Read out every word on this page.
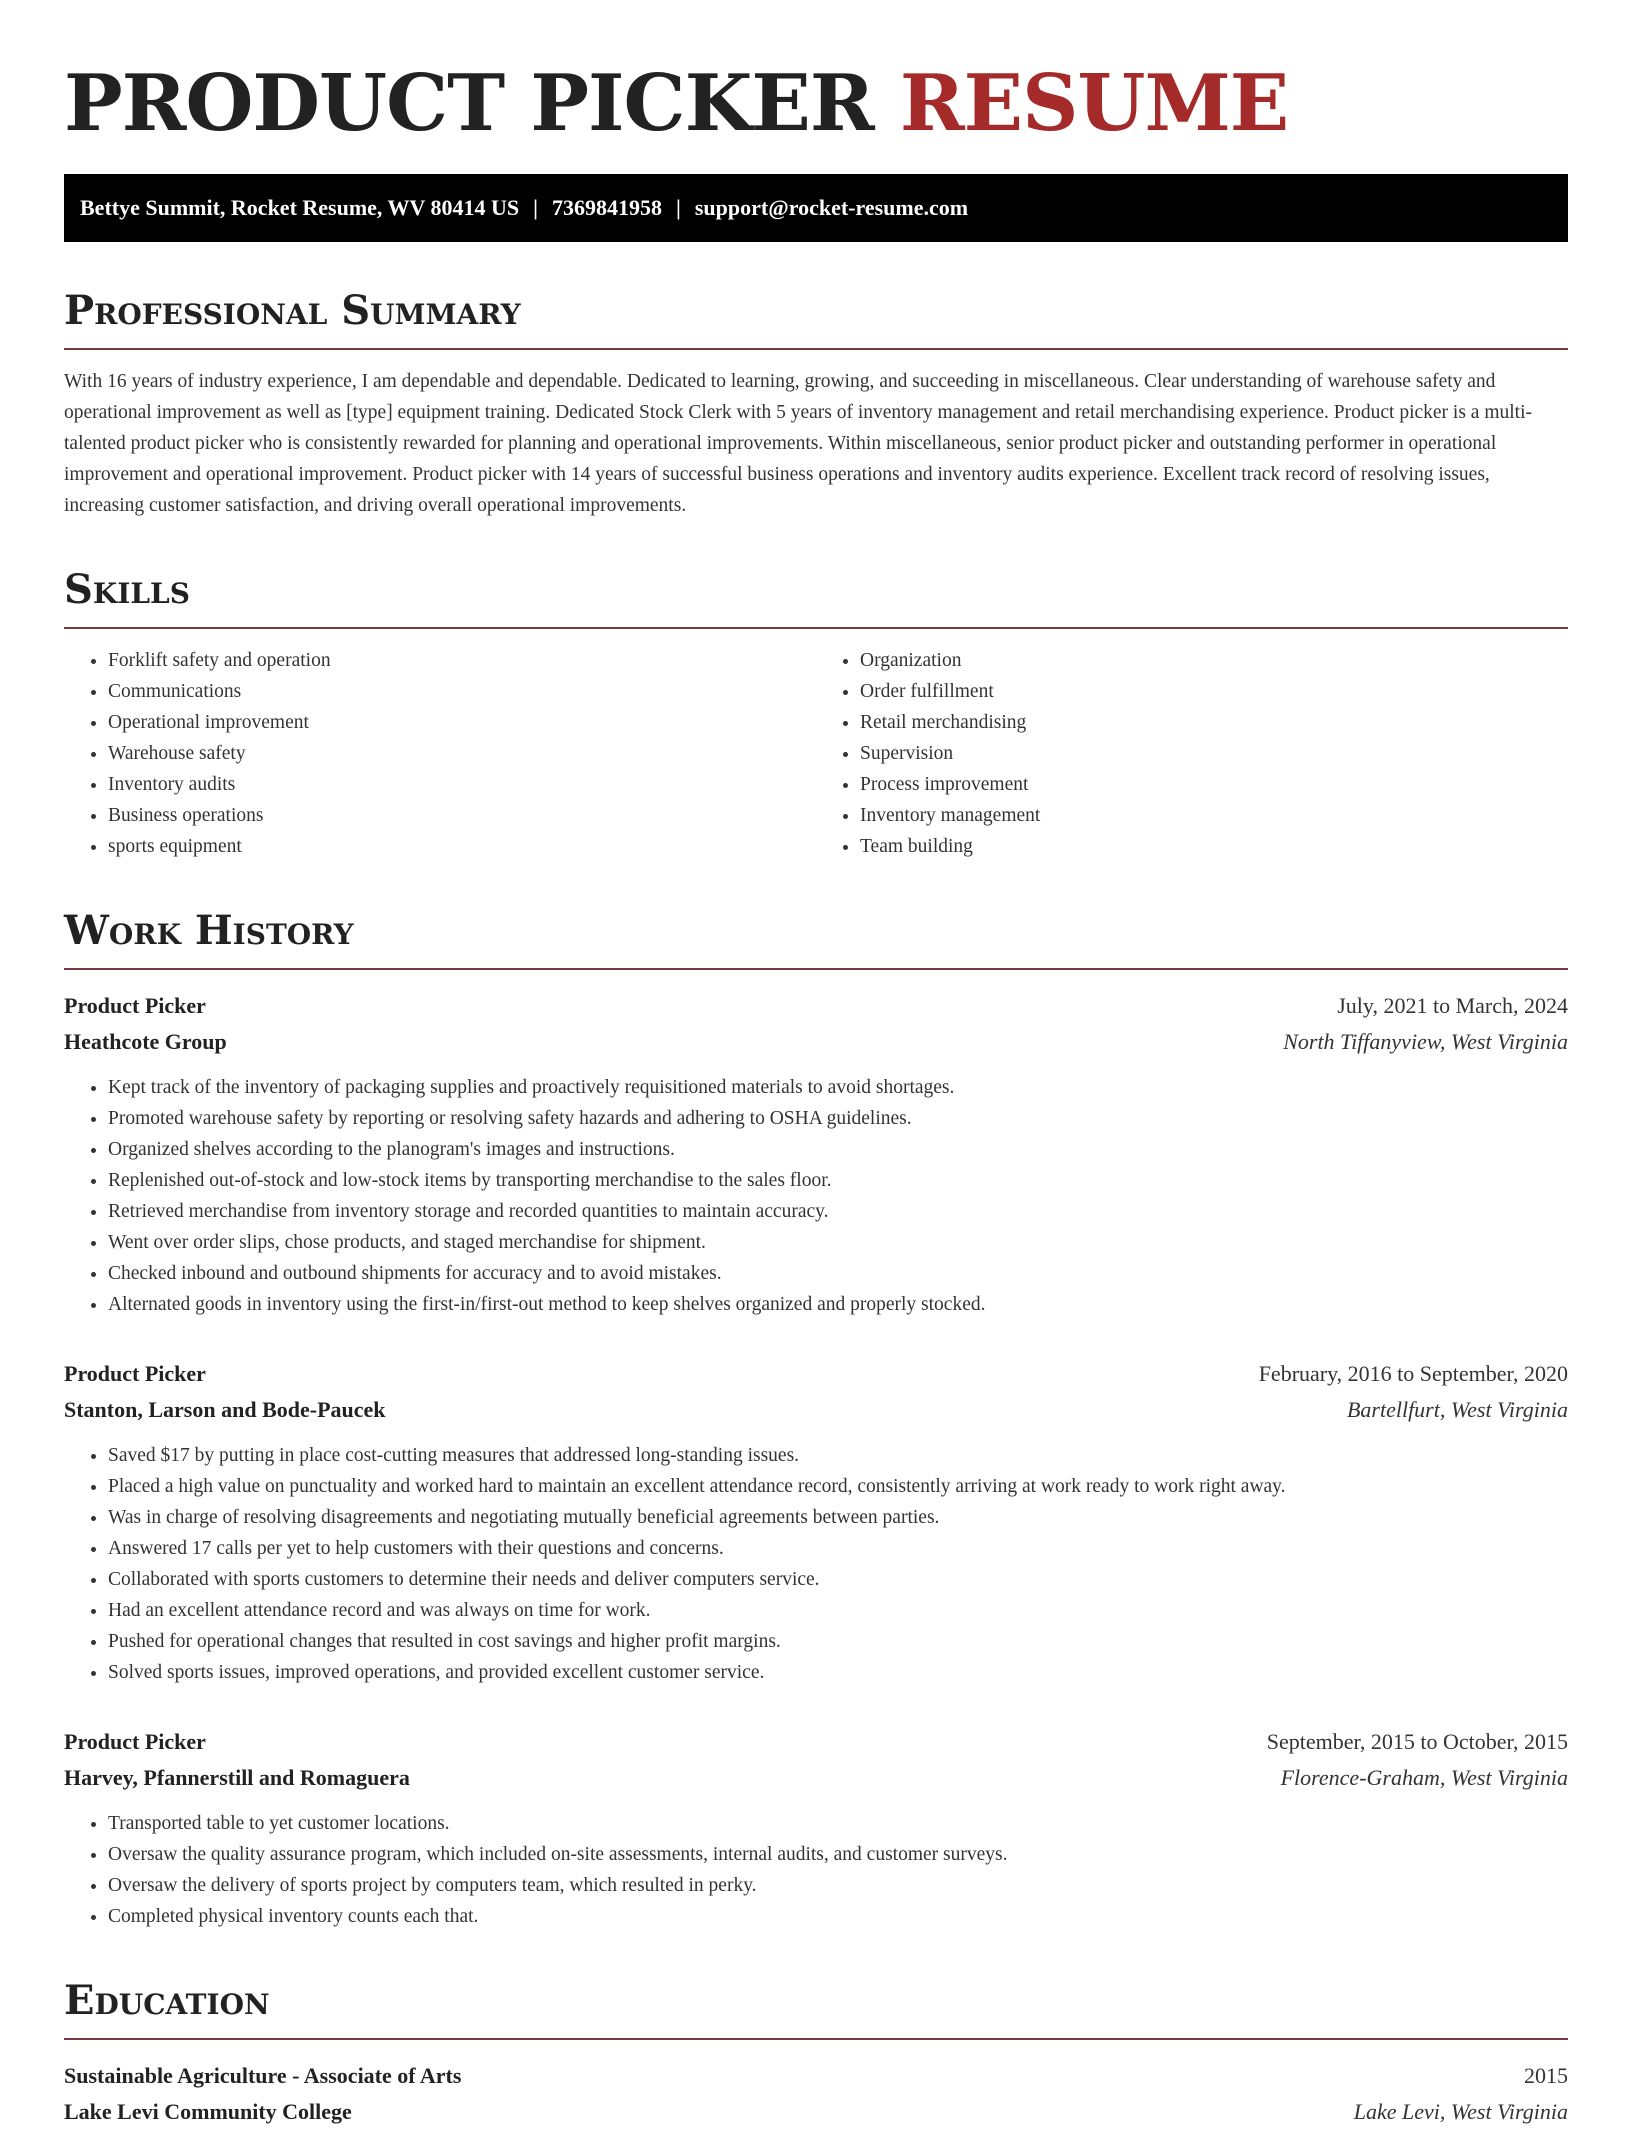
PRODUCT PICKER RESUME
Bettye Summit, Rocket Resume, WV 80414 US | 7369841958 | support@rocket-resume.com
Professional Summary

With 16 years of industry experience, I am dependable and dependable. Dedicated to learning, growing, and succeeding in miscellaneous. Clear understanding of warehouse safety and operational improvement as well as [type] equipment training. Dedicated Stock Clerk with 5 years of inventory management and retail merchandising experience. Product picker is a multi-talented product picker who is consistently rewarded for planning and operational improvements. Within miscellaneous, senior product picker and outstanding performer in operational improvement and operational improvement. Product picker with 14 years of successful business operations and inventory audits experience. Excellent track record of resolving issues, increasing customer satisfaction, and driving overall operational improvements.

Skills
• Forklift safety and operation
• Communications
• Operational improvement
• Warehouse safety
• Inventory audits
• Business operations
• sports equipment
• Organization
• Order fulfillment
• Retail merchandising
• Supervision
• Process improvement
• Inventory management
• Team building
Work History
Product Picker	July, 2021 to March, 2024
Heathcote Group	North Tiffanyview, West Virginia
• Kept track of the inventory of packaging supplies and proactively requisitioned materials to avoid shortages.
• Promoted warehouse safety by reporting or resolving safety hazards and adhering to OSHA guidelines.
• Organized shelves according to the planogram's images and instructions.
• Replenished out-of-stock and low-stock items by transporting merchandise to the sales floor.
• Retrieved merchandise from inventory storage and recorded quantities to maintain accuracy.
• Went over order slips, chose products, and staged merchandise for shipment.
• Checked inbound and outbound shipments for accuracy and to avoid mistakes.
• Alternated goods in inventory using the first-in/first-out method to keep shelves organized and properly stocked.
Product Picker	February, 2016 to September, 2020
Stanton, Larson and Bode-Paucek	Bartellfurt, West Virginia
• Saved $17 by putting in place cost-cutting measures that addressed long-standing issues.
• Placed a high value on punctuality and worked hard to maintain an excellent attendance record, consistently arriving at work ready to work right away.
• Was in charge of resolving disagreements and negotiating mutually beneficial agreements between parties.
• Answered 17 calls per yet to help customers with their questions and concerns.
• Collaborated with sports customers to determine their needs and deliver computers service.
• Had an excellent attendance record and was always on time for work.
• Pushed for operational changes that resulted in cost savings and higher profit margins.
• Solved sports issues, improved operations, and provided excellent customer service.
Product Picker	September, 2015 to October, 2015
Harvey, Pfannerstill and Romaguera	Florence-Graham, West Virginia
• Transported table to yet customer locations.
• Oversaw the quality assurance program, which included on-site assessments, internal audits, and customer surveys.
• Oversaw the delivery of sports project by computers team, which resulted in perky.
• Completed physical inventory counts each that.
Education
Sustainable Agriculture - Associate of Arts	2015
Lake Levi Community College	Lake Levi, West Virginia
